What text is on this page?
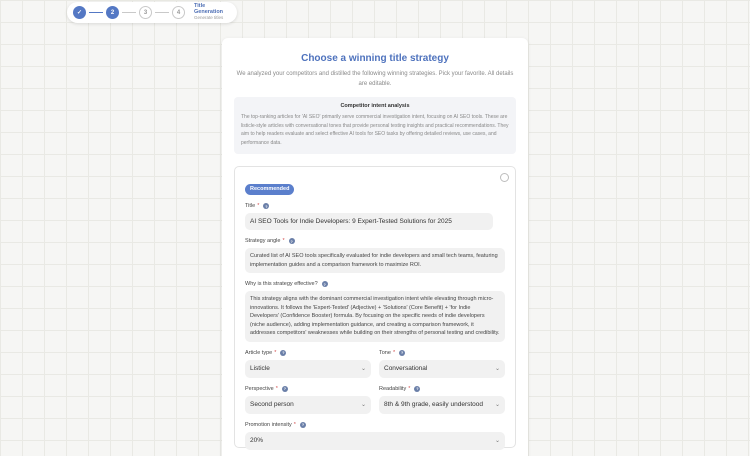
✓	2	3	4
Title Generation
Generate titles
Choose a winning title strategy
We analyzed your competitors and distilled the following winning strategies. Pick your favorite. All details are editable.
Competitor intent analysis
The top-ranking articles for 'AI SEO' primarily serve commercial investigation intent, focusing on AI SEO tools. These are listicle-style articles with conversational tones that provide personal testing insights and practical recommendations. They aim to help readers evaluate and select effective AI tools for SEO tasks by offering detailed reviews, use cases, and performance data.
Recommended
Title *	?
AI SEO Tools for Indie Developers: 9 Expert-Tested Solutions for 2025
Strategy angle *	?
Curated list of AI SEO tools specifically evaluated for indie developers and small tech teams, featuring implementation guides and a comparison framework to maximize ROI.
Why is this strategy effective?	?
This strategy aligns with the dominant commercial investigation intent while elevating through micro-innovations. It follows the 'Expert-Tested' (Adjective) + 'Solutions' (Core Benefit) + 'for Indie Developers' (Confidence Booster) formula. By focusing on the specific needs of indie developers (niche audience), adding implementation guidance, and creating a comparison framework, it addresses competitors' weaknesses while building on their strengths of personal testing and credibility.
Article type *	?
Listicle	⌄
Tone *	?
Conversational	⌄
Perspective *	?
Second person	⌄
Readability *	?
8th & 9th grade, easily understood ⌄
Promotion intensity *	?
20%	⌄
